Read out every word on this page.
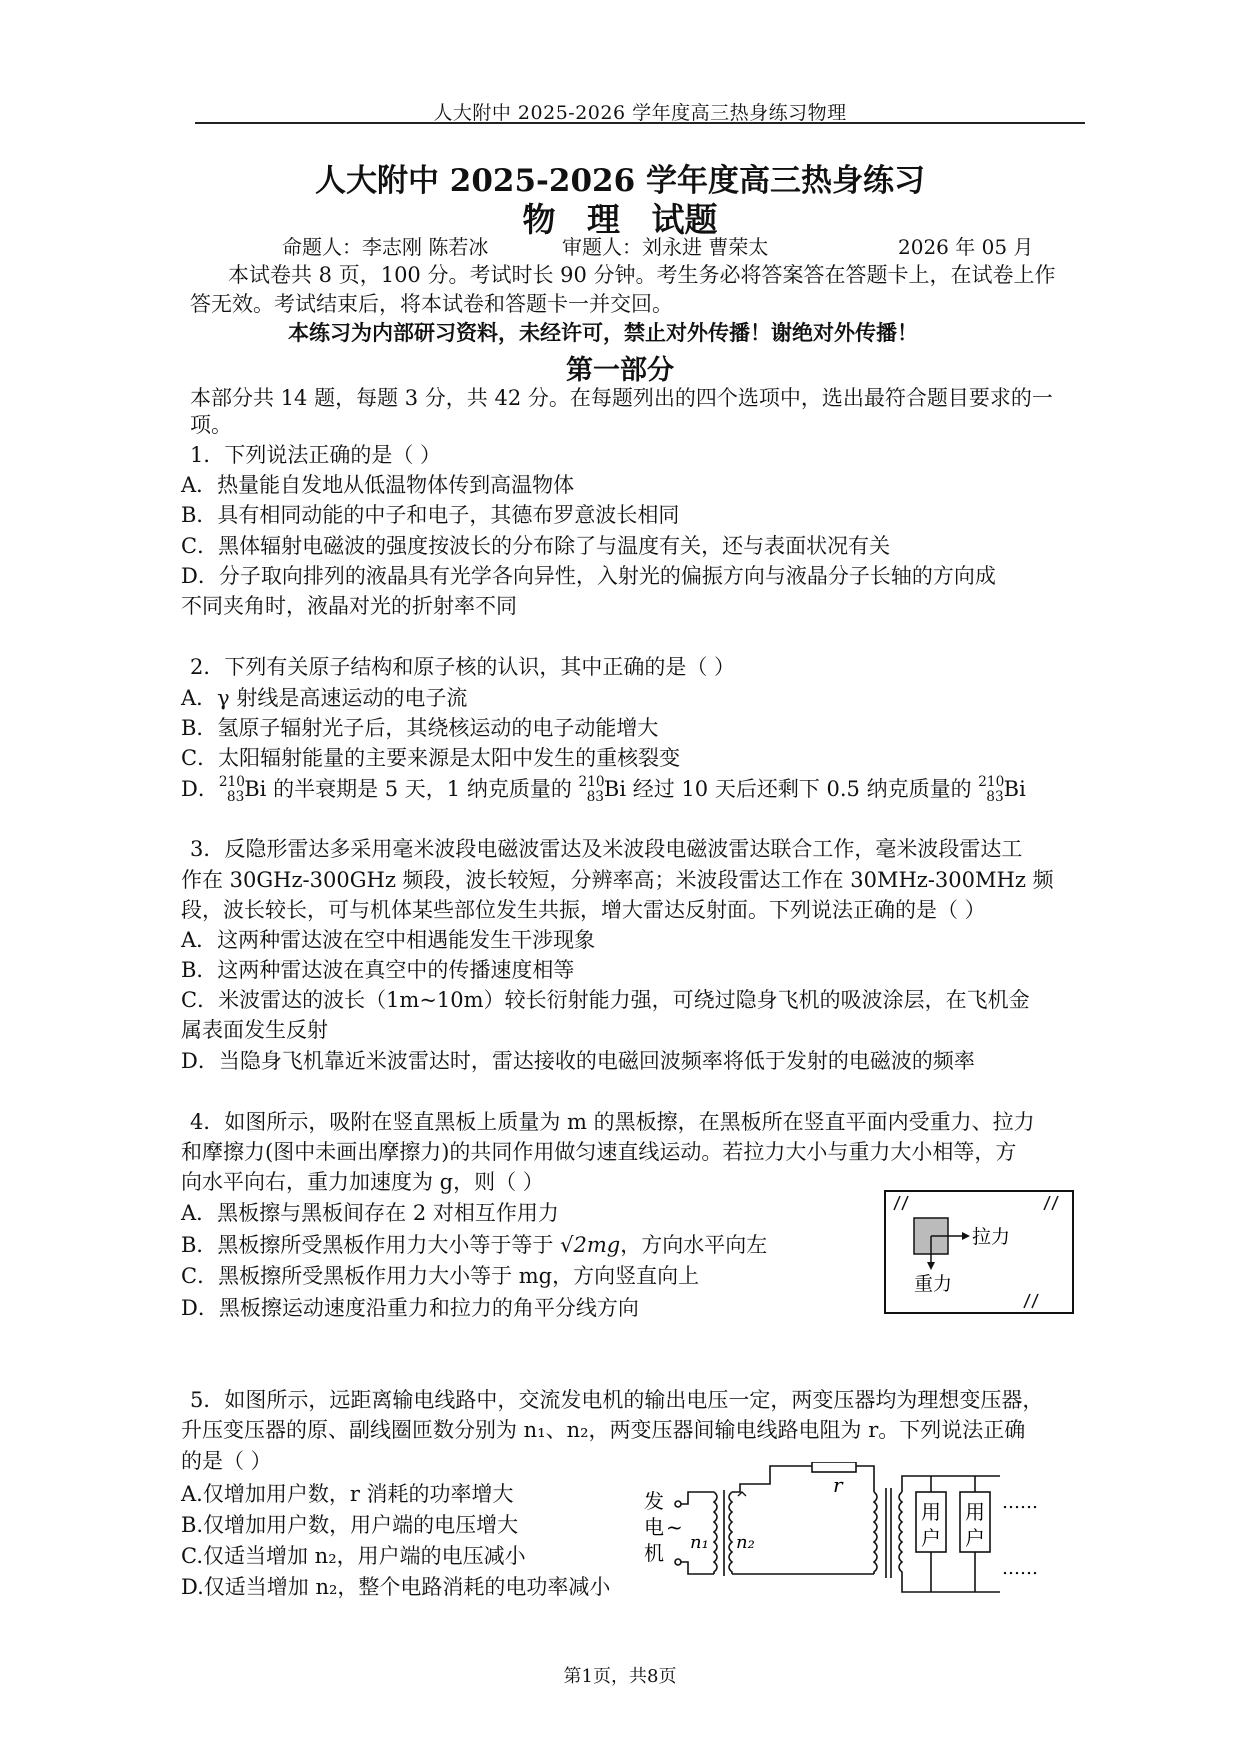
人大附中 2025-2026 学年度高三热身练习物理
人大附中 2025-2026 学年度高三热身练习
物 理 试题
命题人：李志刚 陈若冰	审题人：刘永进 曹荣太	2026 年 05 月
本试卷共 8 页，100 分。考试时长 90 分钟。考生务必将答案答在答题卡上，在试卷上作
答无效。考试结束后，将本试卷和答题卡一并交回。
本练习为内部研习资料，未经许可，禁止对外传播！谢绝对外传播！
第一部分
本部分共 14 题，每题 3 分，共 42 分。在每题列出的四个选项中，选出最符合题目要求的一
项。
1．下列说法正确的是（ ）
A．热量能自发地从低温物体传到高温物体
B．具有相同动能的中子和电子，其德布罗意波长相同
C．黑体辐射电磁波的强度按波长的分布除了与温度有关，还与表面状况有关
D．分子取向排列的液晶具有光学各向异性，入射光的偏振方向与液晶分子长轴的方向成
不同夹角时，液晶对光的折射率不同
2．下列有关原子结构和原子核的认识，其中正确的是（ ）
A．γ 射线是高速运动的电子流
B．氢原子辐射光子后，其绕核运动的电子动能增大
C．太阳辐射能量的主要来源是太阳中发生的重核裂变
D．$^{210}_{83}$Bi 的半衰期是 5 天，1 纳克质量的 $^{210}_{83}$Bi 经过 10 天后还剩下 0.5 纳克质量的 $^{210}_{83}$Bi
3．反隐形雷达多采用毫米波段电磁波雷达及米波段电磁波雷达联合工作，毫米波段雷达工
作在 30GHz-300GHz 频段，波长较短，分辨率高；米波段雷达工作在 30MHz-300MHz 频
段，波长较长，可与机体某些部位发生共振，增大雷达反射面。下列说法正确的是（ ）
A．这两种雷达波在空中相遇能发生干涉现象
B．这两种雷达波在真空中的传播速度相等
C．米波雷达的波长（1m~10m）较长衍射能力强，可绕过隐身飞机的吸波涂层，在飞机金
属表面发生反射
D．当隐身飞机靠近米波雷达时，雷达接收的电磁回波频率将低于发射的电磁波的频率
4．如图所示，吸附在竖直黑板上质量为 m 的黑板擦，在黑板所在竖直平面内受重力、拉力
和摩擦力(图中未画出摩擦力)的共同作用做匀速直线运动。若拉力大小与重力大小相等，方
向水平向右，重力加速度为 g，则（ ）
A．黑板擦与黑板间存在 2 对相互作用力
B．黑板擦所受黑板作用力大小等于等于 √2mg，方向水平向左
C．黑板擦所受黑板作用力大小等于 mg，方向竖直向上
D．黑板擦运动速度沿重力和拉力的角平分线方向
拉力
重力
5．如图所示，远距离输电线路中，交流发电机的输出电压一定，两变压器均为理想变压器，
升压变压器的原、副线圈匝数分别为 n₁、n₂，两变压器间输电线路电阻为 r。下列说法正确
的是（ ）
A.仅增加用户数，r 消耗的功率增大
B.仅增加用户数，用户端的电压增大
C.仅适当增加 n₂，用户端的电压减小
D.仅适当增加 n₂，整个电路消耗的电功率减小
发
电 ~
机
r
n₁ n₂
用
户
用
户
……
……
第1页，共8页
